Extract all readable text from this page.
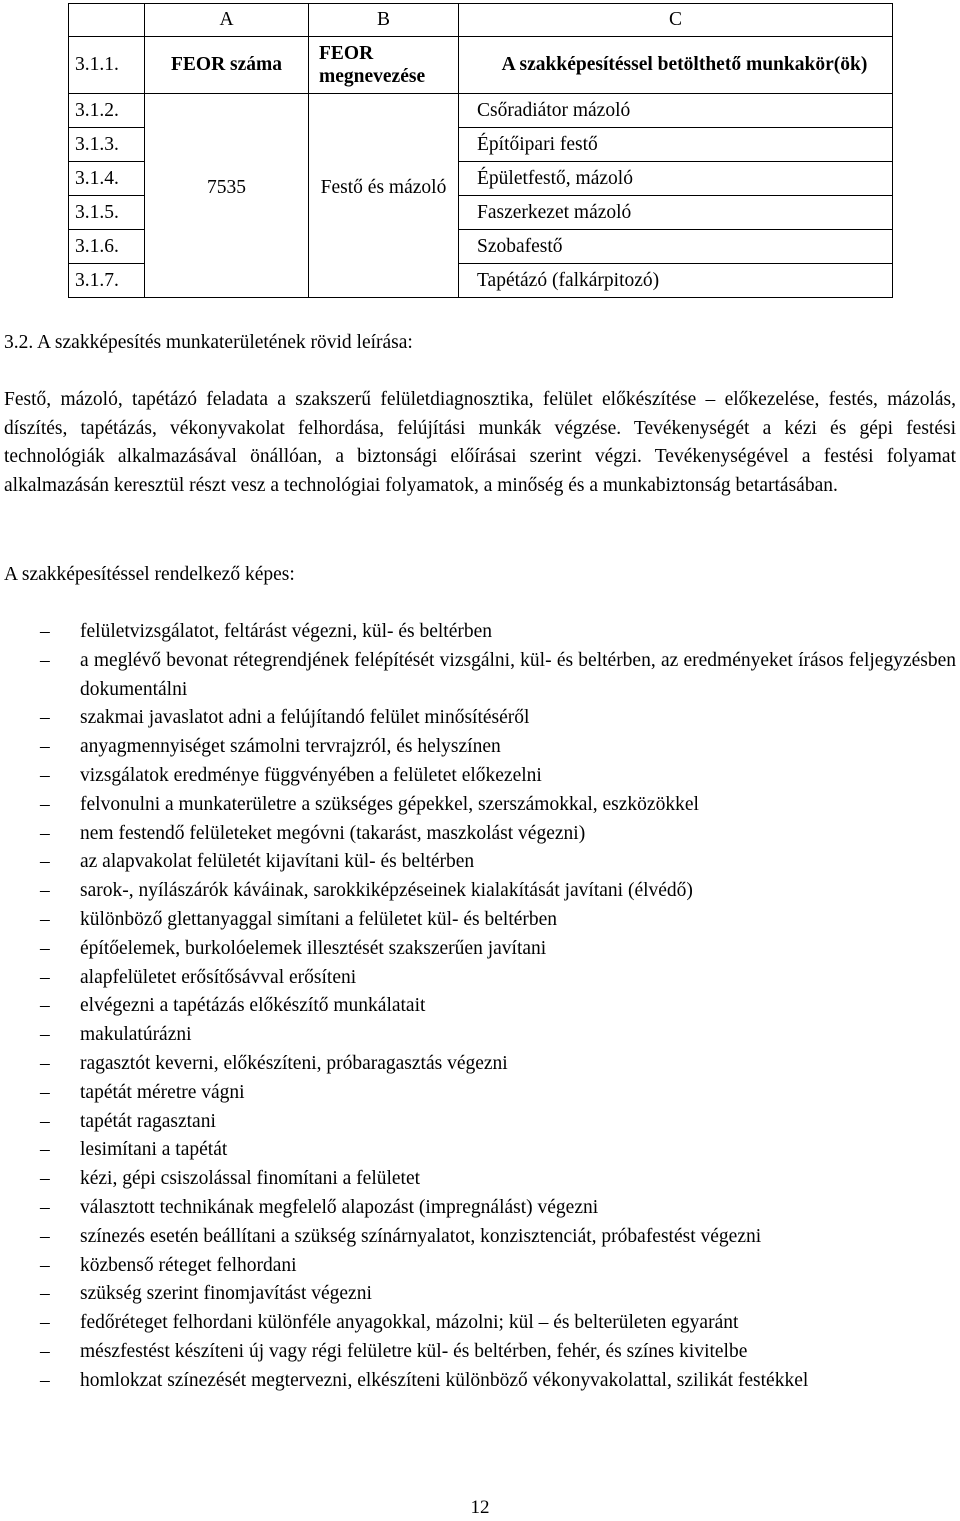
	A	B	C
3.1.1.	FEOR száma	FEOR megnevezése	A szakképesítéssel betölthető munkakör(ök)

3.1.2.	7535	Festő és mázoló	Csőradiátor mázoló
3.1.3.			Építőipari festő
3.1.4.			Épületfestő, mázoló
3.1.5.			Faszerkezet mázoló
3.1.6.			Szobafestő
3.1.7.			Tapétázó (falkárpitozó)
3.2. A szakképesítés munkaterületének rövid leírása:

Festő, mázoló, tapétázó feladata a szakszerű felületdiagnosztika, felület előkészítése – előkezelése, festés, mázolás, díszítés, tapétázás, vékonyvakolat felhordása, felújítási munkák végzése. Tevékenységét a kézi és gépi festési technológiák alkalmazásával önállóan, a biztonsági előírásai szerint végzi. Tevékenységével a festési folyamat alkalmazásán keresztül részt vesz a technológiai folyamatok, a minőség és a munkabiztonság betartásában.

A szakképesítéssel rendelkező képes:

– felületvizsgálatot, feltárást végezni, kül- és beltérben
– a meglévő bevonat rétegrendjének felépítését vizsgálni, kül- és beltérben, az eredményeket írásos feljegyzésben dokumentálni
– szakmai javaslatot adni a felújítandó felület minősítéséről
– anyagmennyiséget számolni tervrajzról, és helyszínen
– vizsgálatok eredménye függvényében a felületet előkezelni
– felvonulni a munkaterületre a szükséges gépekkel, szerszámokkal, eszközökkel
– nem festendő felületeket megóvni (takarást, maszkolást végezni)
– az alapvakolat felületét kijavítani kül- és beltérben
– sarok-, nyílászárók káváinak, sarokkiképzéseinek kialakítását javítani (élvédő)
– különböző glettanyaggal simítani a felületet kül- és beltérben
– építőelemek, burkolóelemek illesztését szakszerűen javítani
– alapfelületet erősítősávval erősíteni
– elvégezni a tapétázás előkészítő munkálatait
– makulatúrázni
– ragasztót keverni, előkészíteni, próbaragasztás végezni
– tapétát méretre vágni
– tapétát ragasztani
– lesimítani a tapétát
– kézi, gépi csiszolással finomítani a felületet
– választott technikának megfelelő alapozást (impregnálást) végezni
– színezés esetén beállítani a szükség színárnyalatot, konzisztenciát, próbafestést végezni
– közbenső réteget felhordani
– szükség szerint finomjavítást végezni
– fedőréteget felhordani különféle anyagokkal, mázolni; kül – és belterületen egyaránt
– mészfestést készíteni új vagy régi felületre kül- és beltérben, fehér, és színes kivitelbe
– homlokzat színezését megtervezni, elkészíteni különböző vékonyvakolattal, szilikát festékkel

12
